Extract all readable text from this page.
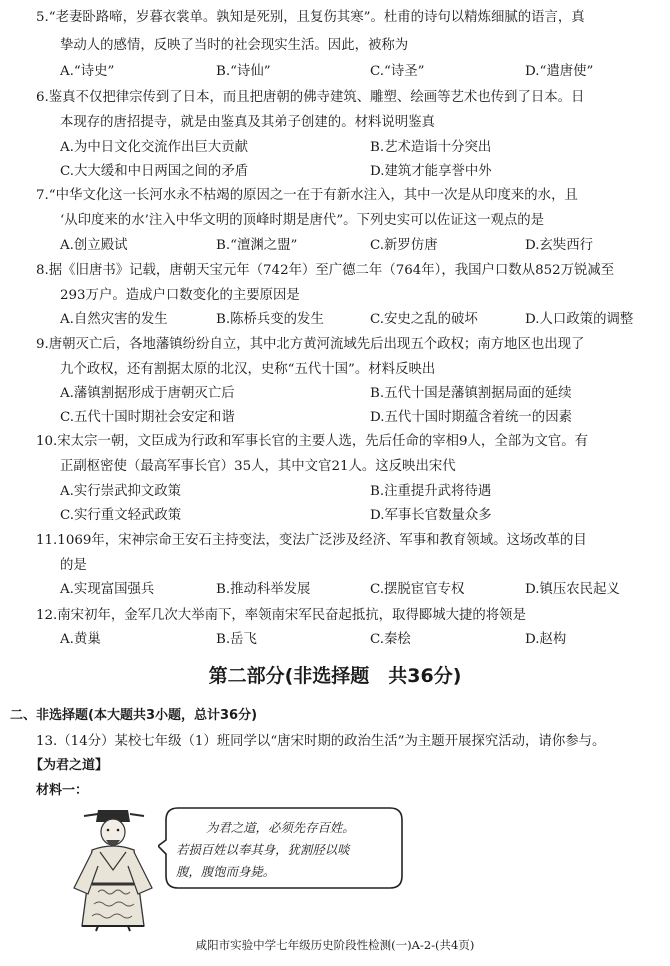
5.“老妻卧路啼，岁暮衣裳单。孰知是死别，且复伤其寒”。杜甫的诗句以精炼细腻的语言，真
挚动人的感情，反映了当时的社会现实生活。因此，被称为
A.“诗史”	B.“诗仙”	C.“诗圣”	D.“遣唐使”
6.鉴真不仅把律宗传到了日本，而且把唐朝的佛寺建筑、雕塑、绘画等艺术也传到了日本。日
本现存的唐招提寺，就是由鉴真及其弟子创建的。材料说明鉴真
A.为中日文化交流作出巨大贡献	B.艺术造诣十分突出
C.大大缓和中日两国之间的矛盾	D.建筑才能享誉中外
7.“中华文化这一长河水永不枯竭的原因之一在于有新水注入，其中一次是从印度来的水，且
‘从印度来的水’注入中华文明的顶峰时期是唐代”。下列史实可以佐证这一观点的是
A.创立殿试	B.“澶渊之盟”	C.新罗仿唐	D.玄奘西行
8.据《旧唐书》记载，唐朝天宝元年（742年）至广德二年（764年），我国户口数从852万锐减至
293万户。造成户口数变化的主要原因是
A.自然灾害的发生	B.陈桥兵变的发生	C.安史之乱的破坏	D.人口政策的调整
9.唐朝灭亡后，各地藩镇纷纷自立，其中北方黄河流域先后出现五个政权；南方地区也出现了
九个政权，还有割据太原的北汉，史称“五代十国”。材料反映出
A.藩镇割据形成于唐朝灭亡后	B.五代十国是藩镇割据局面的延续
C.五代十国时期社会安定和谐	D.五代十国时期蕴含着统一的因素
10.宋太宗一朝，文臣成为行政和军事长官的主要人选，先后任命的宰相9人，全部为文官。有
正副枢密使（最高军事长官）35人，其中文官21人。这反映出宋代
A.实行崇武抑文政策	B.注重提升武将待遇
C.实行重文轻武政策	D.军事长官数量众多
11.1069年，宋神宗命王安石主持变法，变法广泛涉及经济、军事和教育领域。这场改革的目
的是
A.实现富国强兵	B.推动科举发展	C.摆脱宦官专权	D.镇压农民起义
12.南宋初年，金军几次大举南下，率领南宋军民奋起抵抗，取得郾城大捷的将领是
A.黄巢	B.岳飞	C.秦桧	D.赵构
第二部分(非选择题　共36分)
二、非选择题(本大题共3小题，总计36分)
13.（14分）某校七年级（1）班同学以“唐宋时期的政治生活”为主题开展探究活动，请你参与。
【为君之道】
材料一：
为君之道，必须先存百姓。
若损百姓以奉其身，犹割胫以啖
腹，腹饱而身毙。
咸阳市实验中学七年级历史阶段性检测(一)A-2-(共4页)
